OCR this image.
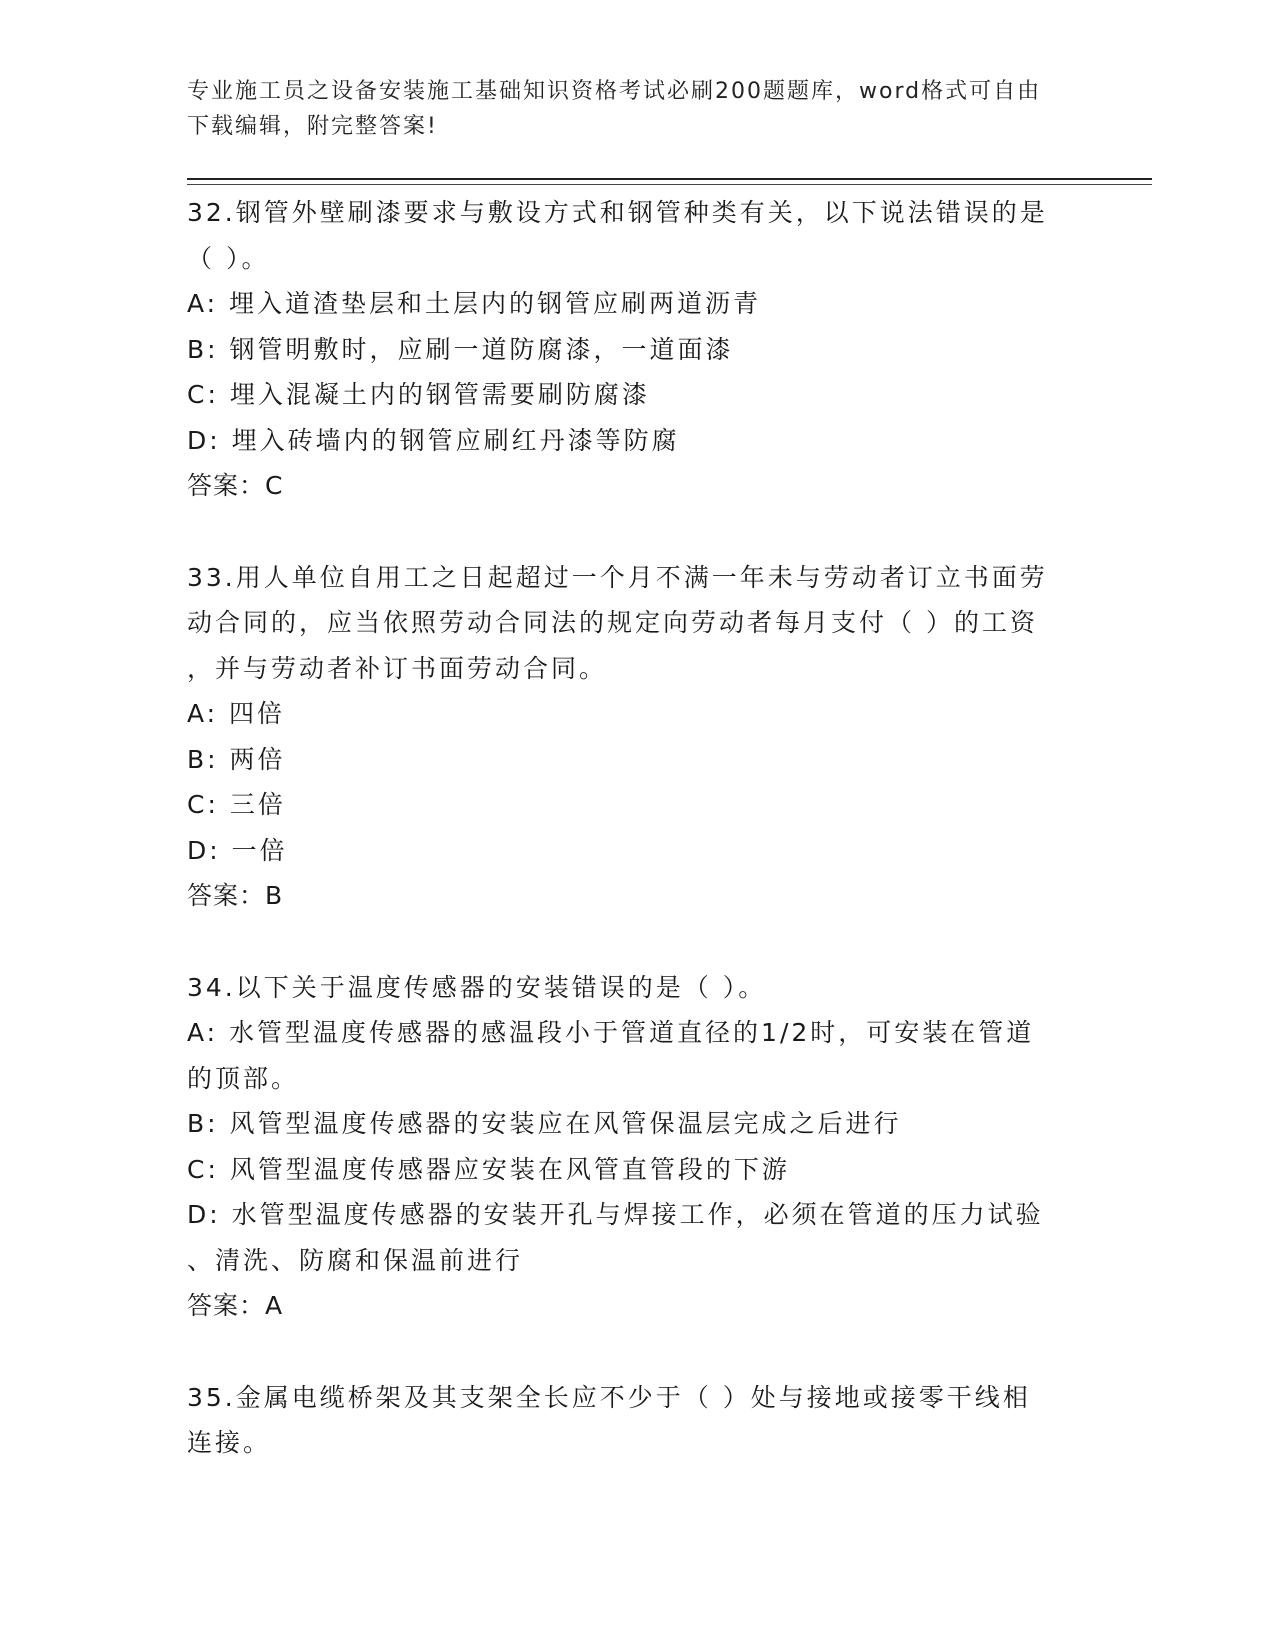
专业施工员之设备安装施工基础知识资格考试必刷200题题库，word格式可自由
下载编辑，附完整答案!
32.钢管外壁刷漆要求与敷设方式和钢管种类有关，以下说法错误的是
（ ）。
A: 埋入道渣垫层和土层内的钢管应刷两道沥青
B: 钢管明敷时，应刷一道防腐漆，一道面漆
C: 埋入混凝土内的钢管需要刷防腐漆
D: 埋入砖墙内的钢管应刷红丹漆等防腐
答案：C
33.用人单位自用工之日起超过一个月不满一年未与劳动者订立书面劳
动合同的，应当依照劳动合同法的规定向劳动者每月支付（ ）的工资
，并与劳动者补订书面劳动合同。
A: 四倍
B: 两倍
C: 三倍
D: 一倍
答案：B
34.以下关于温度传感器的安装错误的是（ ）。
A: 水管型温度传感器的感温段小于管道直径的1/2时，可安装在管道
的顶部。
B: 风管型温度传感器的安装应在风管保温层完成之后进行
C: 风管型温度传感器应安装在风管直管段的下游
D: 水管型温度传感器的安装开孔与焊接工作，必须在管道的压力试验
、清洗、防腐和保温前进行
答案：A
35.金属电缆桥架及其支架全长应不少于（ ）处与接地或接零干线相
连接。
